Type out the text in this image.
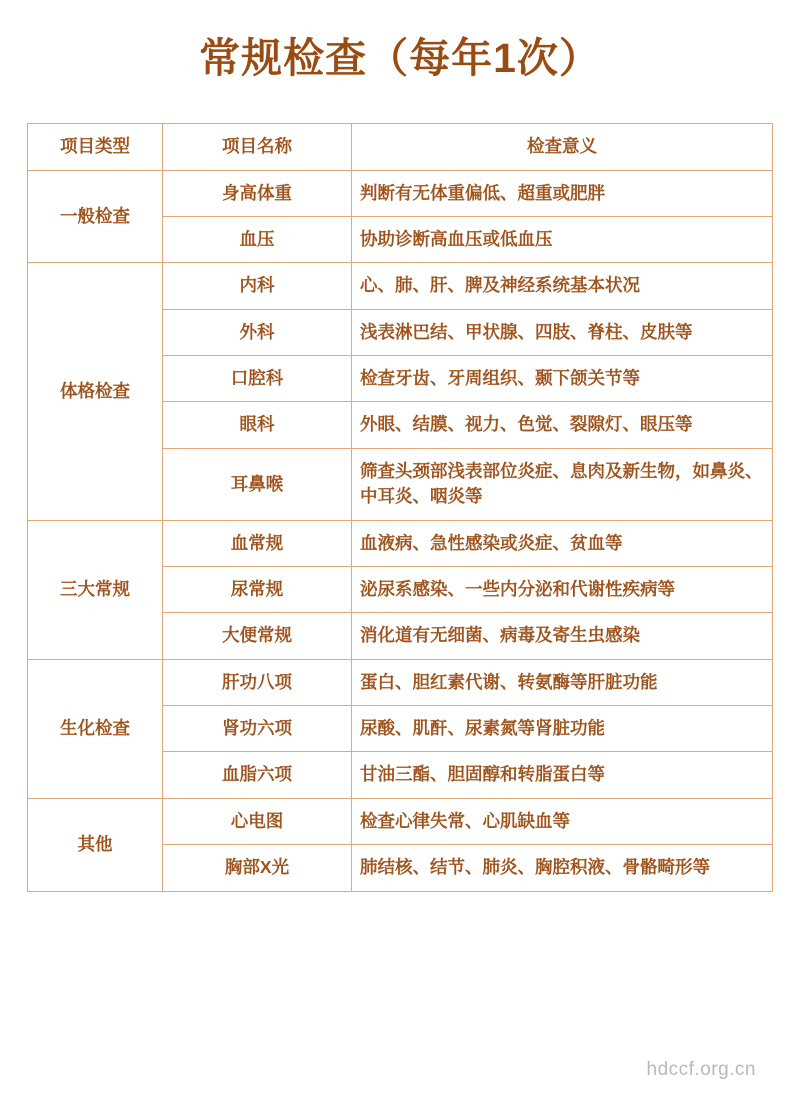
常规检查（每年1次）
项目类型	项目名称	检查意义
一般检查	身高体重	判断有无体重偏低、超重或肥胖
	血压	协助诊断高血压或低血压
体格检查	内科	心、肺、肝、脾及神经系统基本状况
	外科	浅表淋巴结、甲状腺、四肢、脊柱、皮肤等
	口腔科	检查牙齿、牙周组织、颞下颌关节等
	眼科	外眼、结膜、视力、色觉、裂隙灯、眼压等
	耳鼻喉	筛查头颈部浅表部位炎症、息肉及新生物，如鼻炎、中耳炎、咽炎等
三大常规	血常规	血液病、急性感染或炎症、贫血等
	尿常规	泌尿系感染、一些内分泌和代谢性疾病等
	大便常规	消化道有无细菌、病毒及寄生虫感染
生化检查	肝功八项	蛋白、胆红素代谢、转氨酶等肝脏功能
	肾功六项	尿酸、肌酐、尿素氮等肾脏功能
	血脂六项	甘油三酯、胆固醇和转脂蛋白等
其他	心电图	检查心律失常、心肌缺血等
	胸部X光	肺结核、结节、肺炎、胸腔积液、骨骼畸形等
hdccf.org.cn
